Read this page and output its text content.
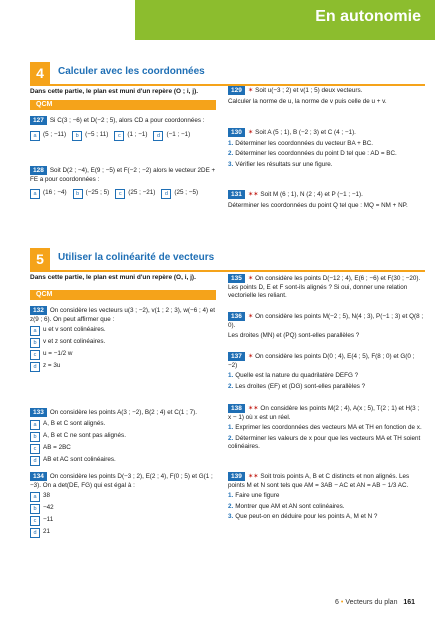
En autonomie
4	Calculer avec les coordonnées
Dans cette partie, le plan est muni d'un repère (O ; i, j).
QCM
127 Si C(3 ; −6) et D(−2 ; 5), alors CD a pour coordonnées :
a	(5 ; −11)	b	(−5 ; 11)	c	(1 ; −1)	d	(−1 ; −1)
128 Soit D(2 ; −4), E(9 ; −5) et F(−2 ; −2) alors le vecteur 2DE + FE a pour coordonnées :
a	(16 ; −4)	b	(−25 ; 5)	c	(25 ; −21)	d	(25 ; −5)
129 ✶ Soit u(−3 ; 2) et v(1 ; 5) deux vecteurs.
Calculer la norme de u, la norme de v puis celle de u + v.
130 ✶ Soit A (5 ; 1), B (−2 ; 3) et C (4 ; −1).
1. Déterminer les coordonnées du vecteur BA + BC.
2. Déterminer les coordonnées du point D tel que : AD = BC.
3. Vérifier les résultats sur une figure.
131 ✶✶ Soit M (6 ; 1), N (2 ; 4) et P (−1 ; −1).
Déterminer les coordonnées du point Q tel que : MQ = NM + NP.
5	Utiliser la colinéarité de vecteurs
Dans cette partie, le plan est muni d'un repère (O, i, j).
QCM
132 On considère les vecteurs u(3 ; −2), v(1 ; 2 ; 3), w(−6 ; 4) et z(9 ; 6). On peut affirmer que :
a	u et v sont colinéaires.
b	v et z sont colinéaires.
c	u = −1/2 w
d	z = 3u
133 On considère les points A(3 ; −2), B(2 ; 4) et C(1 ; 7).
a	A, B et C sont alignés.
b	A, B et C ne sont pas alignés.
c	AB = 2BC
d	AB et AC sont colinéaires.
134 On considère les points D(−3 ; 2), E(2 ; 4), F(0 ; 5) et G(1 ; −3). On a det(DE, FG) qui est égal à :
a	38
b	−42
c	−11
d	21
135 ✶ On considère les points D(−12 ; 4), E(6 ; −6) et F(30 ; −20). Les points D, E et F sont-ils alignés ? Si oui, donner une relation vectorielle les reliant.
136 ✶ On considère les points M(−2 ; 5), N(4 ; 3), P(−1 ; 3) et Q(8 ; 0).
Les droites (MN) et (PQ) sont-elles parallèles ?
137 ✶ On considère les points D(0 ; 4), E(4 ; 5), F(8 ; 0) et G(0 ; −2)
1. Quelle est la nature du quadrilatère DEFG ?
2. Les droites (EF) et (DG) sont-elles parallèles ?
138 ✶✶ On considère les points M(2 ; 4), A(x ; 5), T(2 ; 1) et H(3 ; x − 1) où x est un réel.
1. Exprimer les coordonnées des vecteurs MA et TH en fonction de x.
2. Déterminer les valeurs de x pour que les vecteurs MA et TH soient colinéaires.
139 ✶✶ Soit trois points A, B et C distincts et non alignés. Les points M et N sont tels que AM = 3AB − AC et AN = AB − 1/3 AC.
1. Faire une figure
2. Montrer que AM et AN sont colinéaires.
3. Que peut-on en déduire pour les points A, M et N ?
6 • Vecteurs du plan 161
